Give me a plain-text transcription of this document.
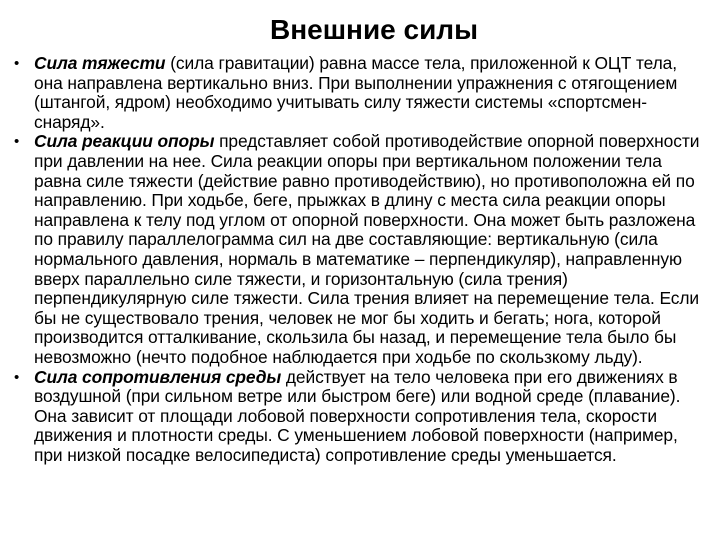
Внешние силы
• Сила тяжести (сила гравитации) равна массе тела, приложенной к ОЦТ тела, она направлена вертикально вниз. При выполнении упражнения с отягощением (штангой, ядром) необходимо учитывать силу тяжести системы «спортсмен-снаряд».
• Сила реакции опоры представляет собой противодействие опорной поверхности при давлении на нее. Сила реакции опоры при вертикальном положении тела равна силе тяжести (действие равно противодействию), но противоположна ей по направлению. При ходьбе, беге, прыжках в длину с места сила реакции опоры направлена к телу под углом от опорной поверхности. Она может быть разложена по правилу параллелограмма сил на две составляющие: вертикальную (сила нормального давления, нормаль в математике – перпендикуляр), направленную вверх параллельно силе тяжести, и горизонтальную (сила трения) перпендикулярную силе тяжести. Сила трения влияет на перемещение тела. Если бы не существовало трения, человек не мог бы ходить и бегать; нога, которой производится отталкивание, скользила бы назад, и перемещение тела было бы невозможно (нечто подобное наблюдается при ходьбе по скользкому льду).
• Сила сопротивления среды действует на тело человека при его движениях в воздушной (при сильном ветре или быстром беге) или водной среде (плавание). Она зависит от площади лобовой поверхности сопротивления тела, скорости движения и плотности среды. С уменьшением лобовой поверхности (например, при низкой посадке велосипедиста) сопротивление среды уменьшается.
